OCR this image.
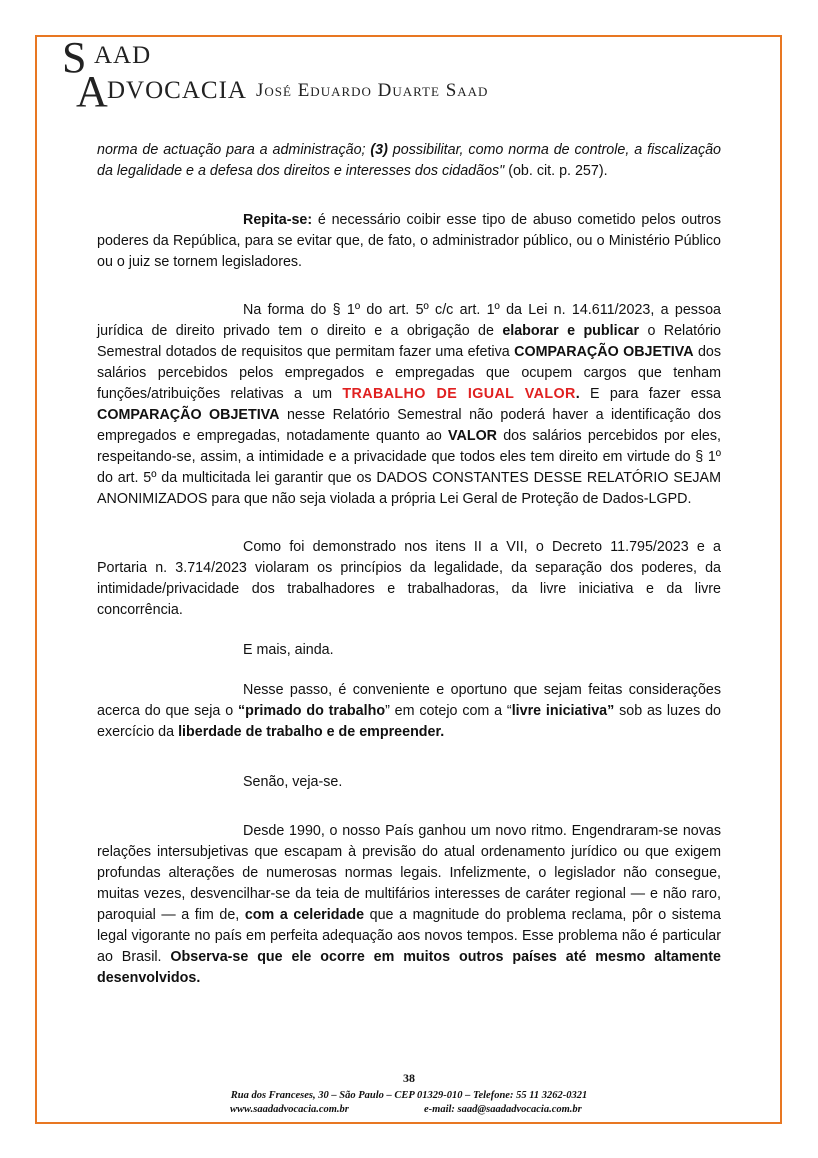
S AAD
A DVOCACIA José Eduardo Duarte Saad

norma de actuação para a administração; (3) possibilitar, como norma de controle, a fiscalização da legalidade e a defesa dos direitos e interesses dos cidadãos" (ob. cit. p. 257).

Repita-se: é necessário coibir esse tipo de abuso cometido pelos outros poderes da República, para se evitar que, de fato, o administrador público, ou o Ministério Público ou o juiz se tornem legisladores.

Na forma do § 1º do art. 5º c/c art. 1º da Lei n. 14.611/2023, a pessoa jurídica de direito privado tem o direito e a obrigação de elaborar e publicar o Relatório Semestral dotados de requisitos que permitam fazer uma efetiva COMPARAÇÃO OBJETIVA dos salários percebidos pelos empregados e empregadas que ocupem cargos que tenham funções/atribuições relativas a um TRABALHO DE IGUAL VALOR. E para fazer essa COMPARAÇÃO OBJETIVA nesse Relatório Semestral não poderá haver a identificação dos empregados e empregadas, notadamente quanto ao VALOR dos salários percebidos por eles, respeitando-se, assim, a intimidade e a privacidade que todos eles tem direito em virtude do § 1º do art. 5º da multicitada lei garantir que os DADOS CONSTANTES DESSE RELATÓRIO SEJAM ANONIMIZADOS para que não seja violada a própria Lei Geral de Proteção de Dados-LGPD.

Como foi demonstrado nos itens II a VII, o Decreto 11.795/2023 e a Portaria n. 3.714/2023 violaram os princípios da legalidade, da separação dos poderes, da intimidade/privacidade dos trabalhadores e trabalhadoras, da livre iniciativa e da livre concorrência.

E mais, ainda.

Nesse passo, é conveniente e oportuno que sejam feitas considerações acerca do que seja o “primado do trabalho” em cotejo com a “livre iniciativa” sob as luzes do exercício da liberdade de trabalho e de empreender.

Senão, veja-se.

Desde 1990, o nosso País ganhou um novo ritmo. Engendraram-se novas relações intersubjetivas que escapam à previsão do atual ordenamento jurídico ou que exigem profundas alterações de numerosas normas legais. Infelizmente, o legislador não consegue, muitas vezes, desvencilhar-se da teia de multifários interesses de caráter regional — e não raro, paroquial — a fim de, com a celeridade que a magnitude do problema reclama, pôr o sistema legal vigorante no país em perfeita adequação aos novos tempos. Esse problema não é particular ao Brasil. Observa-se que ele ocorre em muitos outros países até mesmo altamente desenvolvidos.

38
Rua dos Franceses, 30 – São Paulo – CEP 01329-010 – Telefone: 55 11 3262-0321
www.saadadvocacia.com.br	e-mail: saad@saadadvocacia.com.br
